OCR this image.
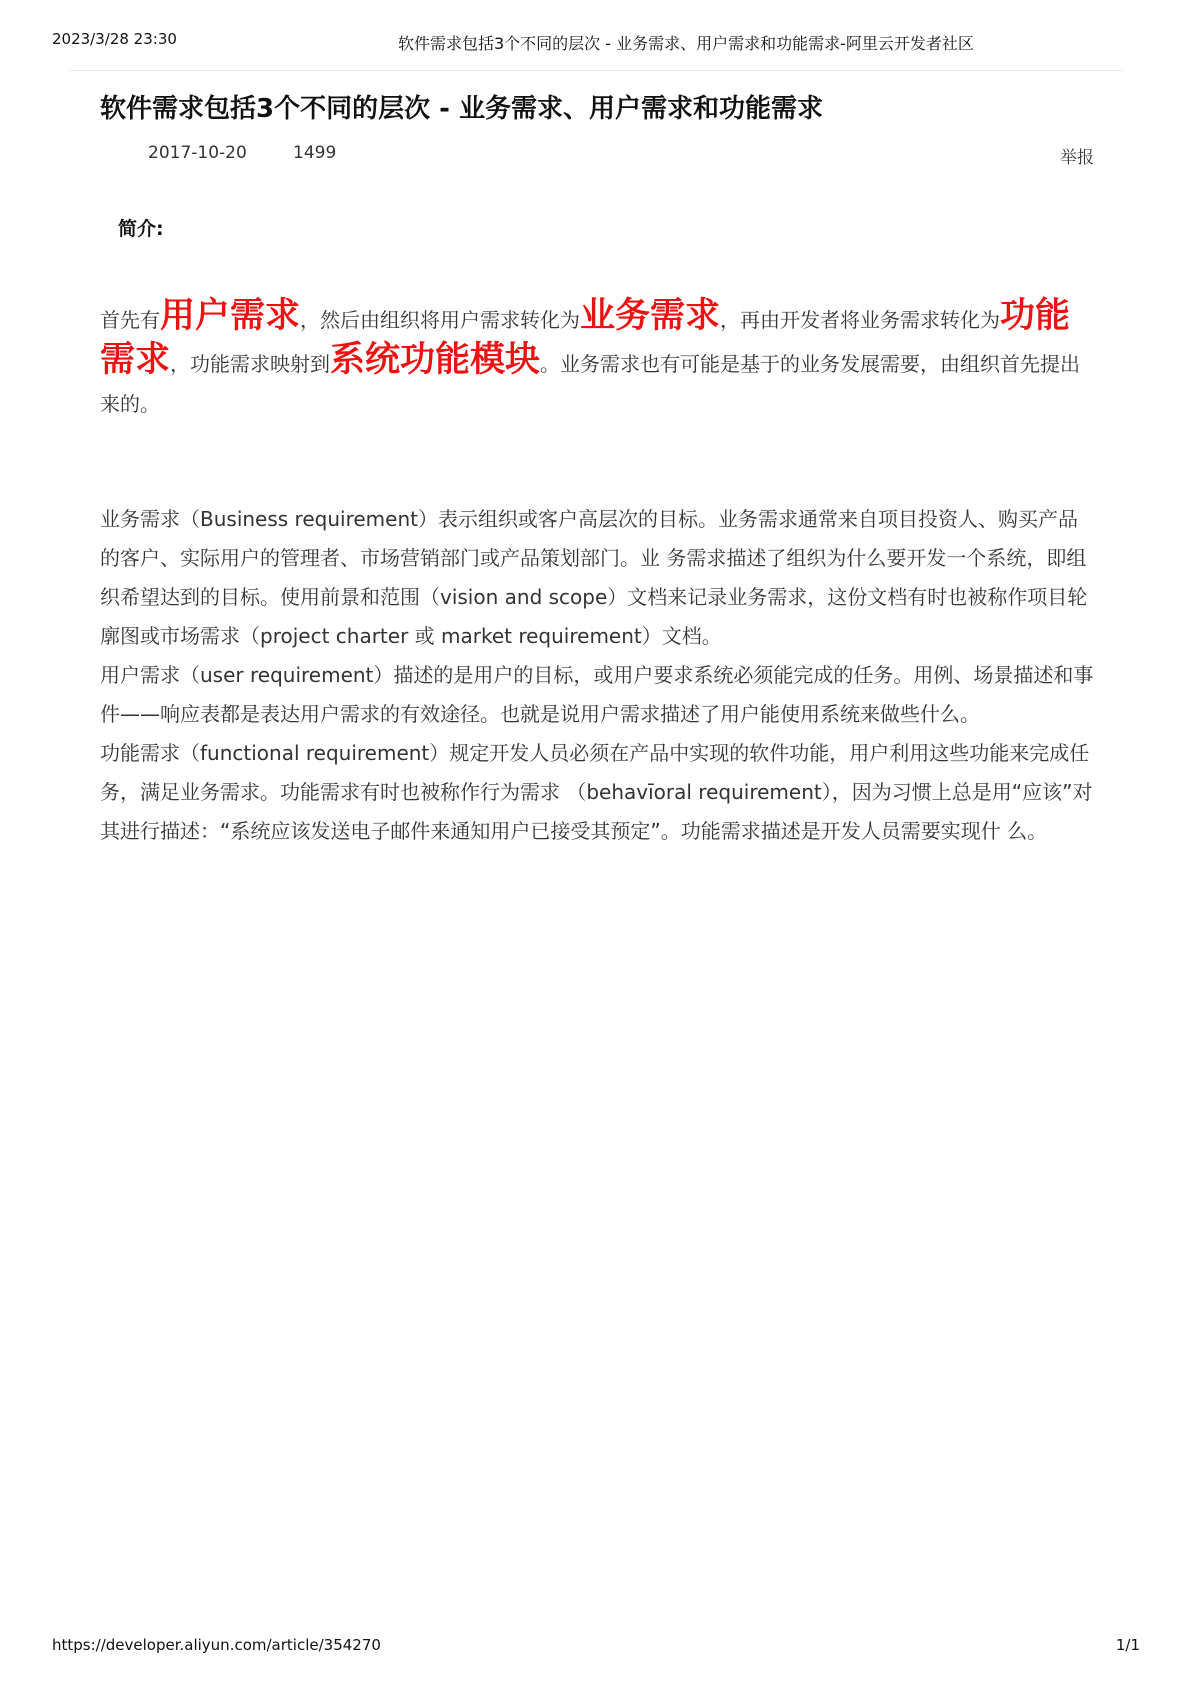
2023/3/28 23:30	软件需求包括3个不同的层次 - 业务需求、用户需求和功能需求-阿里云开发者社区
软件需求包括3个不同的层次 - 业务需求、用户需求和功能需求
2017-10-20	1499	举报
简介:

首先有用户需求，然后由组织将用户需求转化为业务需求，再由开发者将业务需求转化为功能需求，功能需求映射到系统功能模块。业务需求也有可能是基于的业务发展需要，由组织首先提出来的。

业务需求（Business requirement）表示组织或客户高层次的目标。业务需求通常来自项目投资人、购买产品的客户、实际用户的管理者、市场营销部门或产品策划部门。业 务需求描述了组织为什么要开发一个系统，即组织希望达到的目标。使用前景和范围（vision and scope）文档来记录业务需求，这份文档有时也被称作项目轮廓图或市场需求（project charter 或 market requirement）文档。

用户需求（user requirement）描述的是用户的目标，或用户要求系统必须能完成的任务。用例、场景描述和事件——响应表都是表达用户需求的有效途径。也就是说用户需求描述了用户能使用系统来做些什么。

功能需求（functional requirement）规定开发人员必须在产品中实现的软件功能，用户利用这些功能来完成任务，满足业务需求。功能需求有时也被称作行为需求 （behavīoral requirement），因为习惯上总是用“应该”对其进行描述：“系统应该发送电子邮件来通知用户已接受其预定”。功能需求描述是开发人员需要实现什 么。

https://developer.aliyun.com/article/354270	1/1
